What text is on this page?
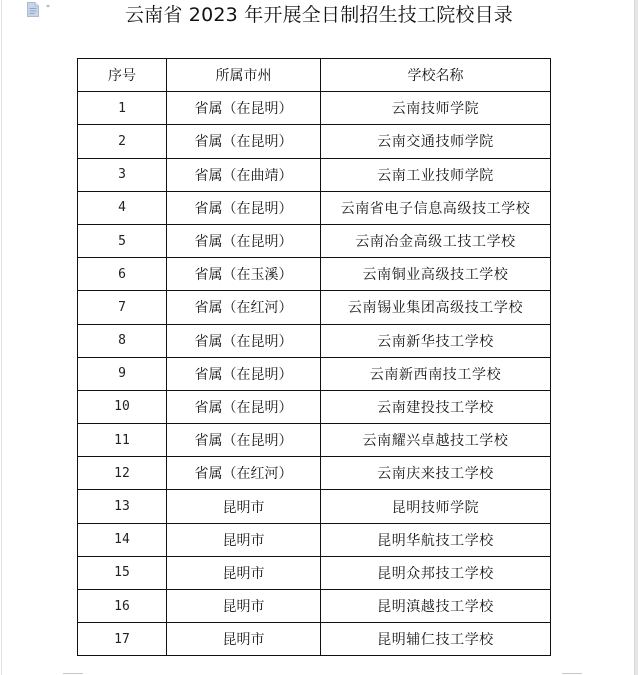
云南省 2023 年开展全日制招生技工院校目录
序号	所属市州	学校名称
1	省属（在昆明）	云南技师学院
2	省属（在昆明）	云南交通技师学院
3	省属（在曲靖）	云南工业技师学院
4	省属（在昆明）	云南省电子信息高级技工学校
5	省属（在昆明）	云南冶金高级工技工学校
6	省属（在玉溪）	云南铜业高级技工学校
7	省属（在红河）	云南锡业集团高级技工学校
8	省属（在昆明）	云南新华技工学校
9	省属（在昆明）	云南新西南技工学校
10	省属（在昆明）	云南建投技工学校
11	省属（在昆明）	云南耀兴卓越技工学校
12	省属（在红河）	云南庆来技工学校
13	昆明市	昆明技师学院
14	昆明市	昆明华航技工学校
15	昆明市	昆明众邦技工学校
16	昆明市	昆明滇越技工学校
17	昆明市	昆明辅仁技工学校
